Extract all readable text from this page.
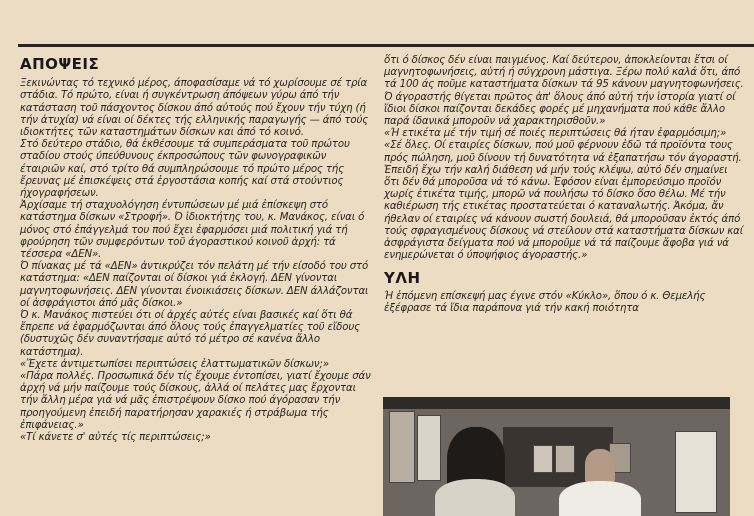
ΑΠΟΨΕΙΣ

Ξεκινώντας τό τεχνικό μέρος, άποφασίσαμε νά τό χωρίσουμε σέ τρία στάδια. Τό πρώτο, είναι ή συγκέντρωση άπόψεων γύρω άπό τήν κατάσταση τοῦ πάσχοντος δίσκου άπό αὐτούς πού ἔχουν τήν τύχη (ή τήν ἀτυχία) νά είναι οί δέκτες τής ελληνικής παραγωγής — άπό τούς ιδιοκτήτες τῶν καταστημάτων δίσκων και άπό τό κοινό.

Στό δεύτερο στάδιο, θά ἐκθέσουμε τά συμπεράσματα τοῦ πρώτου σταδίου στούς ύπεύθυνους έκπροσώπους τῶν φωνογραφικῶν έταιριῶν καί, στό τρίτο θά συμπληρώσουμε τό πρώτο μέρος τής ἔρευνας μέ ἐπισκέψεις στά ἐργοστάσια κοπής καί στά στούντιος ήχογραφήσεων.

Ἀρχίσαμε τή σταχυολόγηση έντυπώσεων μέ μιά ἐπίσκεψη στό κατάστημα δίσκων «Στροφή». Ό ἰδιοκτήτης του, κ. Μανάκος, είναι ό μόνος στό ἐπάγγελμά του πού ἔχει ἐφαρμόσει μιά πολιτική γιά τή φρούρηση τῶν συμφερόντων τοῦ άγοραστικού κοινοῦ ἀρχή: τά τέσσερα «ΔΕΝ».

Ό πίνακας μέ τά «ΔΕΝ» ἀντικρύζει τόν πελάτη μέ τήν είσοδό του στό κατάστημα: «ΔΕΝ παίζονται οί δίσκοι γιά ἐκλογή. ΔΕΝ γίνονται μαγνητοφωνήσεις. ΔΕΝ γίνονται ένοικιάσεις δίσκων. ΔΕΝ άλλάζονται οί ἀσφράγιστοι άπό μᾶς δίσκοι.»

Ό κ. Μανάκος πιστεύει ότι οί ἀρχές αὐτές είναι βασικές καί ὅτι θά ἔπρεπε νά ἐφαρμόζωνται άπό ὅλους τούς ἐπαγγελματίες τοῦ εἴδους (δυστυχῶς δέν συναντήσαμε αὐτό τό μέτρο σέ κανένα ἄλλο κατάστημα).

«Ἔχετε ἀντιμετωπίσει περιπτώσεις ἐλαττωματικῶν δίσκων;»

«Πάρα πολλές. Προσωπικά δέν τίς ἔχουμε έντοπίσει, γιατί ἔχουμε σάν ἀρχή νά μήν παίζουμε τούς δίσκους, ἀλλά οί πελάτες μας ἔρχονται τήν ἄλλη μέρα γιά νά μᾶς ἐπιστρέψουν δίσκο πού άγόρασαν τήν προηγούμενη ἐπειδή παρατήρησαν χαρακιές ή στράβωμα τής ἐπιφάνειας.»

«Τί κάνετε σ' αὐτές τίς περιπτώσεις;»

ὅτι ό δίσκος δέν είναι παιγμένος. Καί δεύτερον, ἀποκλείονται ἔτσι οί μαγνητοφωνήσεις, αὐτή ή σύγχρονη μάστιγα. Ξέρω πολύ καλά ὅτι, άπό τά 100 άς ποῦμε καταστήματα δίσκων τά 95 κάνουν μαγνητοφωνήσεις. Ό άγοραστής θίγεται πρῶτος ἀπ' ὅλους άπό αὐτή τήν ἱστορία γιατί οί ἴδιοι δίσκοι παίζονται δεκάδες φορές μέ μηχανήματα πού κάθε ἄλλο παρά ίδανικά μποροῦν νά χαρακτηρισθοῦν.»

«Ή ετικέτα μέ τήν τιμή σέ ποιές περιπτώσεις θά ήταν ἐφαρμόσιμη;»

«Σέ ὅλες. Οί εταιρίες δίσκων, πού μοῦ φέρνουν ἐδῶ τά προϊόντα τους πρός πώληση, μοῦ δίνουν τή δυνατότητα νά ἐξαπατήσω τόν άγοραστή. Ἐπειδή ἔχω τήν καλή διάθεση νά μήν τούς κλέψω, αὐτό δέν σημαίνει ὅτι δέν θά μποροῦσα νά τό κάνω. Ἐφόσον είναι ἐμπορεύσιμο προϊόν χωρίς ἐτικέτα τιμής, μπορῶ νά πουλήσω τό δίσκο ὅσο θέλω. Μέ τήν καθιέρωση τής ετικέτας προστατεύεται ό καταναλωτής. Ἀκόμα, ἄν ήθελαν οί εταιρίες νά κάνουν σωστή δουλειά, θά μποροῦσαν ἐκτός άπό τούς σφραγισμένους δίσκους νά στείλουν στά καταστήματα δίσκων καί ἀσφράγιστα δείγματα πού νά μποροῦμε νά τά παίζουμε ἄφοβα γιά νά ενημερώνεται ό ύποψήφιος άγοραστής.»

ΥΛΗ

Ή ἑπόμενη επίσκεψή μας έγινε στόν «Κύκλο», ὅπου ό κ. Θεμελής ἐξέφρασε τά ἴδια παράπονα γιά τήν κακή ποιότητα
